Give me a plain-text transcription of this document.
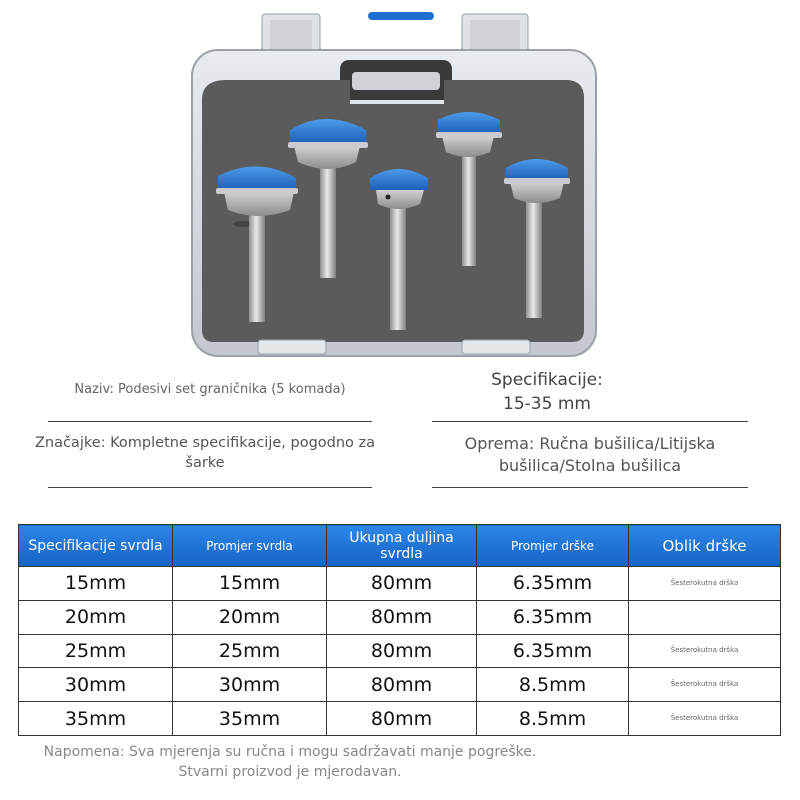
Naziv: Podesivi set graničnika (5 komada)	Specifikacije:
15-35 mm
Značajke: Kompletne specifikacije, pogodno za šarke
Oprema: Ručna bušilica/Litijska bušilica/Stolna bušilica
Specifikacije svrdla	Promjer svrdla	Ukupna duljina svrdla	Promjer drške	Oblik drške
15mm	15mm	80mm	6.35mm	Šesterokutna drška
20mm	20mm	80mm	6.35mm	
25mm	25mm	80mm	6.35mm	Šesterokutna drška
30mm	30mm	80mm	8.5mm	Šesterokutna drška
35mm	35mm	80mm	8.5mm	Šesterokutna drška
Napomena: Sva mjerenja su ručna i mogu sadržavati manje pogreške. Stvarni proizvod je mjerodavan.
